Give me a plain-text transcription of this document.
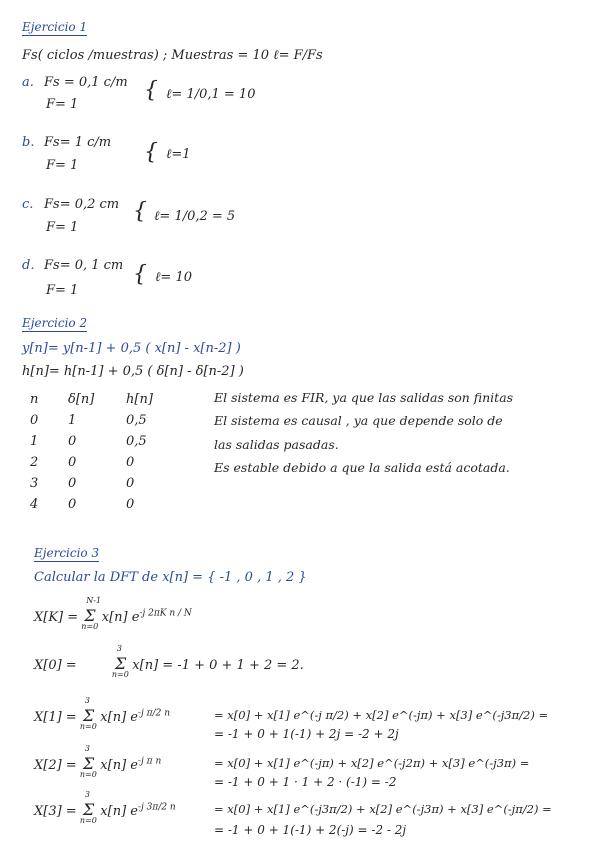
Ejercicio 1
Fs( ciclos /muestras) ; Muestras = 10 ℓ= F/Fs
a. Fs = 0,1 c/m
F= 1
{ ℓ= 1/0,1 = 10
b. Fs= 1 c/m
F= 1
{ ℓ=1
c. Fs= 0,2 cm
F= 1
{ ℓ= 1/0,2 = 5
d. Fs= 0, 1 cm
F= 1
{ ℓ= 10
Ejercicio 2
y[n]= y[n-1] + 0,5 ( x[n] - x[n-2] )
h[n]= h[n-1] + 0,5 ( δ[n] - δ[n-2] )
n	δ[n]	h[n]
0	1	0,5
1	0	0,5
2	0	0
3	0	0
4	0	0
El sistema es FIR, ya que las salidas son finitas
El sistema es causal , ya que depende solo de
las salidas pasadas.
Es estable debido a que la salida está acotada.
Ejercicio 3
Calcular la DFT de x[n] = { -1 , 0 , 1 , 2 }
X[K] = Σ
N-1
n=0
x[n] $e^{-j 2\pi K n / N}$
X[0] = Σ
3
n=0
x[n] = -1 + 0 + 1 + 2 = 2.
X[1] = Σ
3
n=0
x[n] $e^{-j \pi/2 n}$	= x[0] + x[1] e^(-j π/2) + x[2] e^(-jπ) + x[3] e^(-j3π/2) =
= -1 + 0 + 1(-1) + 2j = -2 + 2j
X[2] = Σ
3
n=0
x[n] $e^{-j \pi n}$	= x[0] + x[1] e^(-jπ) + x[2] e^(-j2π) + x[3] e^(-j3π) =
= -1 + 0 + 1 · 1 + 2 · (-1) = -2
X[3] = Σ
3
n=0
x[n] $e^{-j 3\pi/2 n}$	= x[0] + x[1] e^(-j3π/2) + x[2] e^(-j3π) + x[3] e^(-jπ/2) =
= -1 + 0 + 1(-1) + 2(-j) = -2 - 2j
